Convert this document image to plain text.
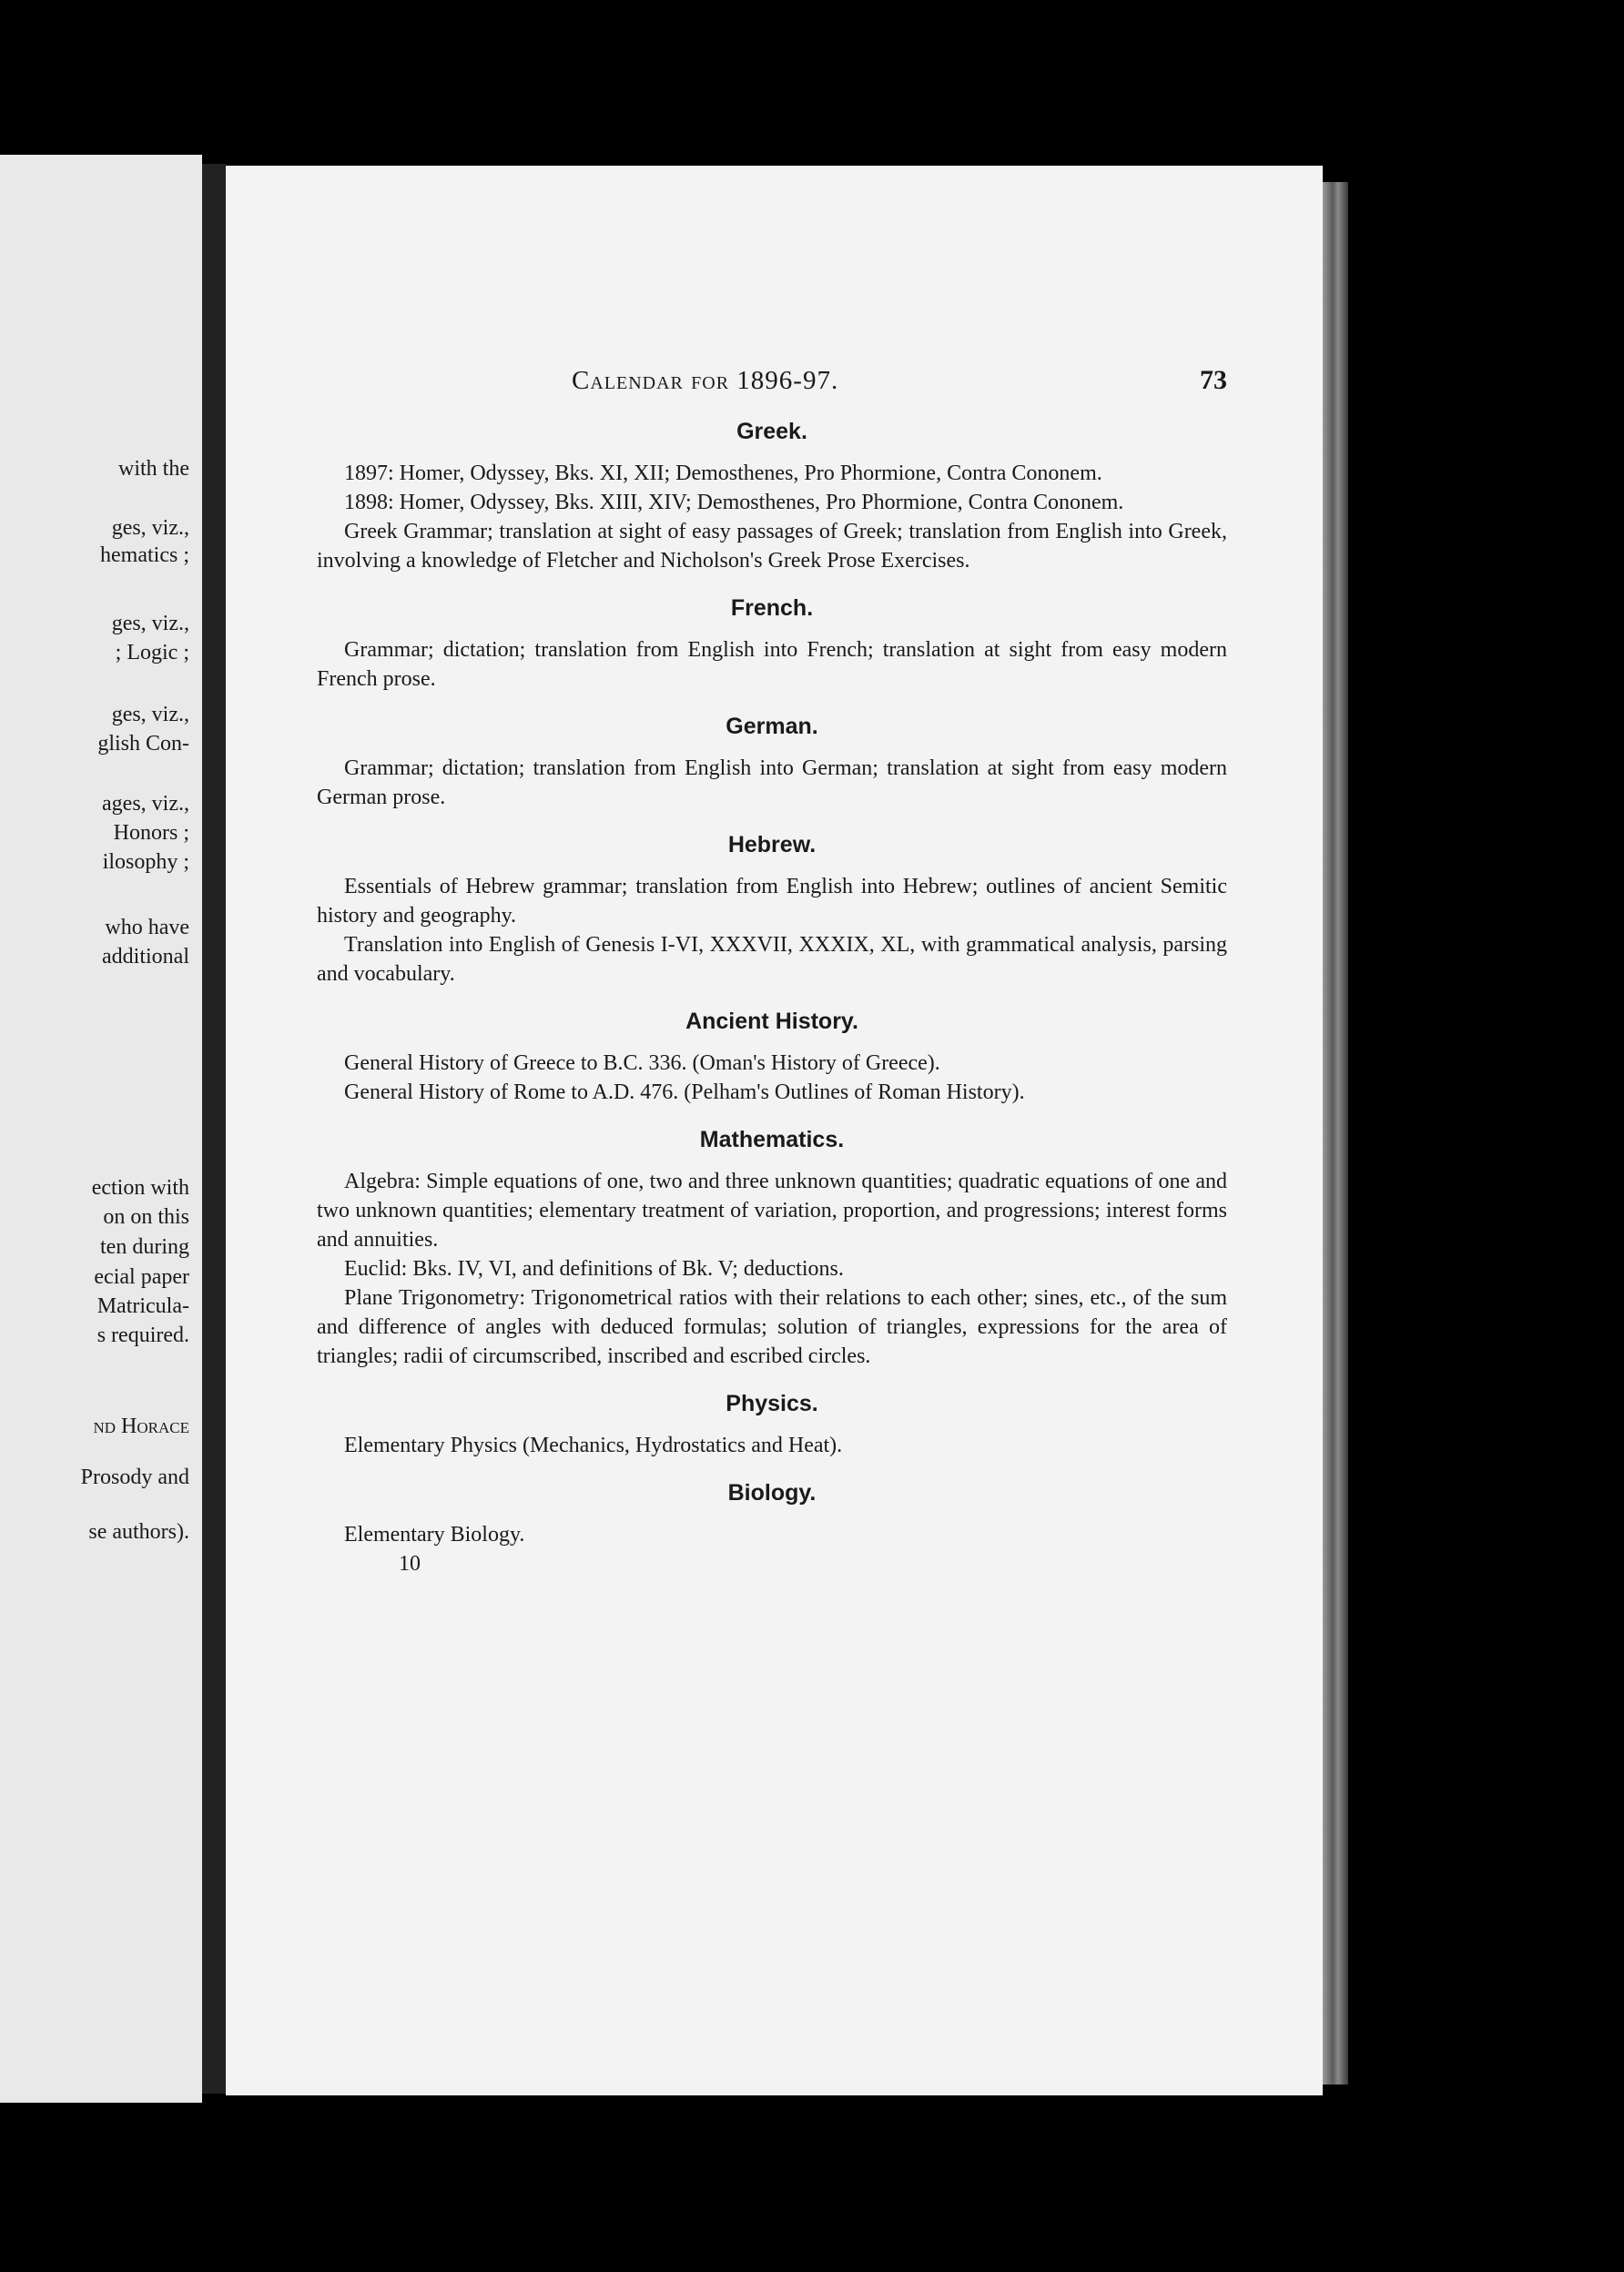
with the
ges, viz.,
hematics ;
ges, viz.,
; Logic ;
ges, viz.,
glish Con-
ages, viz.,
Honors ;
ilosophy ;
who have
additional
ection with
on on this
ten during
ecial paper
Matricula-
s required.
nd Horace
Prosody and
se authors).
Calendar for 1896-97.	73
Greek.

1897: Homer, Odyssey, Bks. XI, XII; Demosthenes, Pro Phormione, Contra Cononem.

1898: Homer, Odyssey, Bks. XIII, XIV; Demosthenes, Pro Phormione, Contra Cononem.

Greek Grammar; translation at sight of easy passages of Greek; translation from English into Greek, involving a knowledge of Fletcher and Nicholson's Greek Prose Exercises.

French.

Grammar; dictation; translation from English into French; translation at sight from easy modern French prose.

German.

Grammar; dictation; translation from English into German; translation at sight from easy modern German prose.

Hebrew.

Essentials of Hebrew grammar; translation from English into Hebrew; outlines of ancient Semitic history and geography.

Translation into English of Genesis I-VI, XXXVII, XXXIX, XL, with grammatical analysis, parsing and vocabulary.

Ancient History.

General History of Greece to B.C. 336. (Oman's History of Greece).

General History of Rome to A.D. 476. (Pelham's Outlines of Roman History).

Mathematics.

Algebra: Simple equations of one, two and three unknown quantities; quadratic equations of one and two unknown quantities; elementary treatment of variation, proportion, and progressions; interest forms and annuities.

Euclid: Bks. IV, VI, and definitions of Bk. V; deductions.

Plane Trigonometry: Trigonometrical ratios with their relations to each other; sines, etc., of the sum and difference of angles with deduced formulas; solution of triangles, expressions for the area of triangles; radii of circumscribed, inscribed and escribed circles.

Physics.

Elementary Physics (Mechanics, Hydrostatics and Heat).

Biology.

Elementary Biology.

10
